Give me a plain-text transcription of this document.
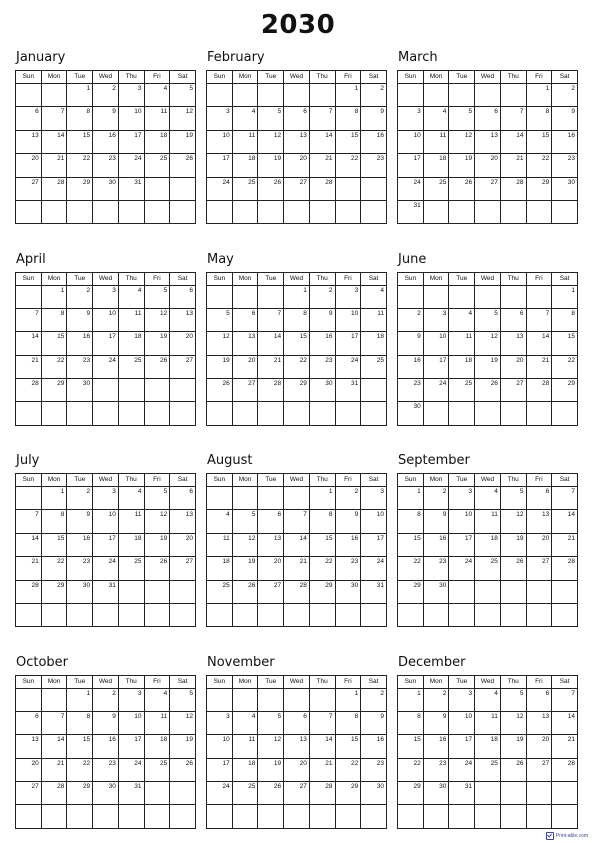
2030
January
Sun	Mon	Tue	Wed	Thu	Fri	Sat
		1	2	3	4	5
6	7	8	9	10	11	12
13	14	15	16	17	18	19
20	21	22	23	24	25	26
27	28	29	30	31		

February
Sun	Mon	Tue	Wed	Thu	Fri	Sat
					1	2
3	4	5	6	7	8	9
10	11	12	13	14	15	16
17	18	19	20	21	22	23
24	25	26	27	28		

March
Sun	Mon	Tue	Wed	Thu	Fri	Sat
					1	2
3	4	5	6	7	8	9
10	11	12	13	14	15	16
17	18	19	20	21	22	23
24	25	26	27	28	29	30
31						
April
Sun	Mon	Tue	Wed	Thu	Fri	Sat
	1	2	3	4	5	6
7	8	9	10	11	12	13
14	15	16	17	18	19	20
21	22	23	24	25	26	27
28	29	30				

May
Sun	Mon	Tue	Wed	Thu	Fri	Sat
			1	2	3	4
5	6	7	8	9	10	11
12	13	14	15	16	17	18
19	20	21	22	23	24	25
26	27	28	29	30	31	

June
Sun	Mon	Tue	Wed	Thu	Fri	Sat
						1
2	3	4	5	6	7	8
9	10	11	12	13	14	15
16	17	18	19	20	21	22
23	24	25	26	27	28	29
30						
July
Sun	Mon	Tue	Wed	Thu	Fri	Sat
	1	2	3	4	5	6
7	8	9	10	11	12	13
14	15	16	17	18	19	20
21	22	23	24	25	26	27
28	29	30	31			

August
Sun	Mon	Tue	Wed	Thu	Fri	Sat
				1	2	3
4	5	6	7	8	9	10
11	12	13	14	15	16	17
18	19	20	21	22	23	24
25	26	27	28	29	30	31

September
Sun	Mon	Tue	Wed	Thu	Fri	Sat
1	2	3	4	5	6	7
8	9	10	11	12	13	14
15	16	17	18	19	20	21
22	23	24	25	26	27	28
29	30					

October
Sun	Mon	Tue	Wed	Thu	Fri	Sat
		1	2	3	4	5
6	7	8	9	10	11	12
13	14	15	16	17	18	19
20	21	22	23	24	25	26
27	28	29	30	31		

November
Sun	Mon	Tue	Wed	Thu	Fri	Sat
					1	2
3	4	5	6	7	8	9
10	11	12	13	14	15	16
17	18	19	20	21	22	23
24	25	26	27	28	29	30

December
Sun	Mon	Tue	Wed	Thu	Fri	Sat
1	2	3	4	5	6	7
8	9	10	11	12	13	14
15	16	17	18	19	20	21
22	23	24	25	26	27	28
29	30	31				

Print-able.com
